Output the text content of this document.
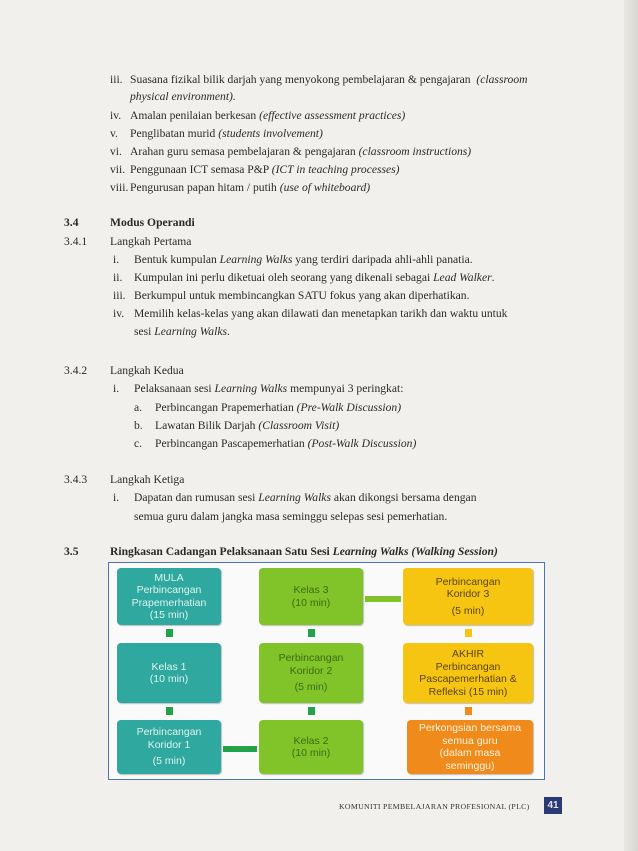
iii. Suasana fizikal bilik darjah yang menyokong pembelajaran & pengajaran (classroom
physical environment).
iv. Amalan penilaian berkesan (effective assessment practices)
v. Penglibatan murid (students involvement)
vi. Arahan guru semasa pembelajaran & pengajaran (classroom instructions)
vii. Penggunaan ICT semasa P&P (ICT in teaching processes)
viii. Pengurusan papan hitam / putih (use of whiteboard)
3.4	Modus Operandi
3.4.1 Langkah Pertama
i. Bentuk kumpulan Learning Walks yang terdiri daripada ahli-ahli panatia.
ii. Kumpulan ini perlu diketuai oleh seorang yang dikenali sebagai Lead Walker.
iii. Berkumpul untuk membincangkan SATU fokus yang akan diperhatikan.
iv. Memilih kelas-kelas yang akan dilawati dan menetapkan tarikh dan waktu untuk
sesi Learning Walks.
3.4.2 Langkah Kedua
i. Pelaksanaan sesi Learning Walks mempunyai 3 peringkat:
a. Perbincangan Prapemerhatian (Pre-Walk Discussion)
b. Lawatan Bilik Darjah (Classroom Visit)
c. Perbincangan Pascapemerhatian (Post-Walk Discussion)
3.4.3 Langkah Ketiga
i. Dapatan dan rumusan sesi Learning Walks akan dikongsi bersama dengan
semua guru dalam jangka masa seminggu selepas sesi pemerhatian.
3.5	Ringkasan Cadangan Pelaksanaan Satu Sesi Learning Walks (Walking Session)
MULA
Perbincangan
Prapemerhatian
(15 min)
Kelas 1
(10 min)
Perbincangan
Koridor 1
(5 min)
Kelas 3
(10 min)
Perbincangan
Koridor 2
(5 min)
Kelas 2
(10 min)
Perbincangan
Koridor 3
(5 min)
AKHIR
Perbincangan
Pascapemerhatian &
Refleksi (15 min)
Perkongsian bersama
semua guru
(dalam masa
seminggu)
KOMUNITI PEMBELAJARAN PROFESIONAL (PLC)	41
